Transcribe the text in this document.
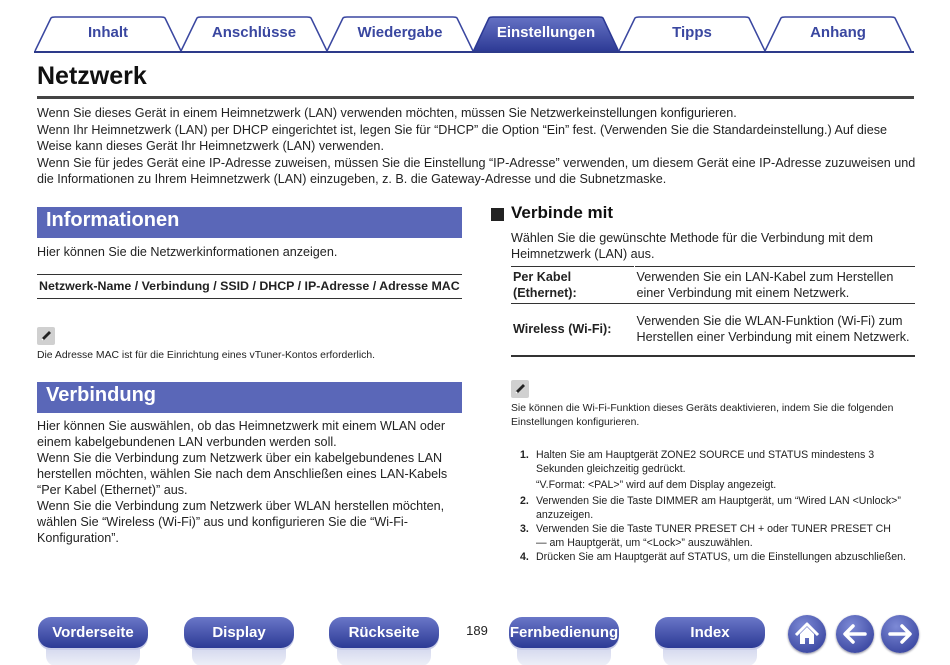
Inhalt	Anschlüsse	Wiedergabe	Einstellungen	Tipps	Anhang
Netzwerk

Wenn Sie dieses Gerät in einem Heimnetzwerk (LAN) verwenden möchten, müssen Sie Netzwerkeinstellungen konfigurieren.

Wenn Ihr Heimnetzwerk (LAN) per DHCP eingerichtet ist, legen Sie für “DHCP” die Option “Ein” fest. (Verwenden Sie die Standardeinstellung.) Auf diese Weise kann dieses Gerät Ihr Heimnetzwerk (LAN) verwenden.

Wenn Sie für jedes Gerät eine IP-Adresse zuweisen, müssen Sie die Einstellung “IP-Adresse” verwenden, um diesem Gerät eine IP-Adresse zuzuweisen und die Informationen zu Ihrem Heimnetzwerk (LAN) einzugeben, z. B. die Gateway-Adresse und die Subnetzmaske.

Informationen
Hier können Sie die Netzwerkinformationen anzeigen.
Netzwerk-Name / Verbindung / SSID / DHCP / IP-Adresse / Adresse MAC
Die Adresse MAC ist für die Einrichtung eines vTuner-Kontos erforderlich.
Verbindung

Hier können Sie auswählen, ob das Heimnetzwerk mit einem WLAN oder einem kabelgebundenen LAN verbunden werden soll.

Wenn Sie die Verbindung zum Netzwerk über ein kabelgebundenes LAN herstellen möchten, wählen Sie nach dem Anschließen eines LAN-Kabels “Per Kabel (Ethernet)” aus.

Wenn Sie die Verbindung zum Netzwerk über WLAN herstellen möchten, wählen Sie “Wireless (Wi-Fi)” aus und konfigurieren Sie die “Wi-Fi-Konfiguration”.

Verbinde mit
Wählen Sie die gewünschte Methode für die Verbindung mit dem Heimnetzwerk (LAN) aus.
Per Kabel (Ethernet):	Verwenden Sie ein LAN-Kabel zum Herstellen einer Verbindung mit einem Netzwerk.
Wireless (Wi-Fi):	Verwenden Sie die WLAN-Funktion (Wi-Fi) zum Herstellen einer Verbindung mit einem Netzwerk.
Sie können die Wi-Fi-Funktion dieses Geräts deaktivieren, indem Sie die folgenden Einstellungen konfigurieren.
1. Halten Sie am Hauptgerät ZONE2 SOURCE und STATUS mindestens 3 Sekunden gleichzeitig gedrückt.
“V.Format: <PAL>” wird auf dem Display angezeigt.
2. Verwenden Sie die Taste DIMMER am Hauptgerät, um “Wired LAN <Unlock>” anzuzeigen.
3. Verwenden Sie die Taste TUNER PRESET CH + oder TUNER PRESET CH
— am Hauptgerät, um “<Lock>” auszuwählen.
4. Drücken Sie am Hauptgerät auf STATUS, um die Einstellungen abzuschließen.
Vorderseite	Display	Rückseite	189 Fernbedienung	Index
